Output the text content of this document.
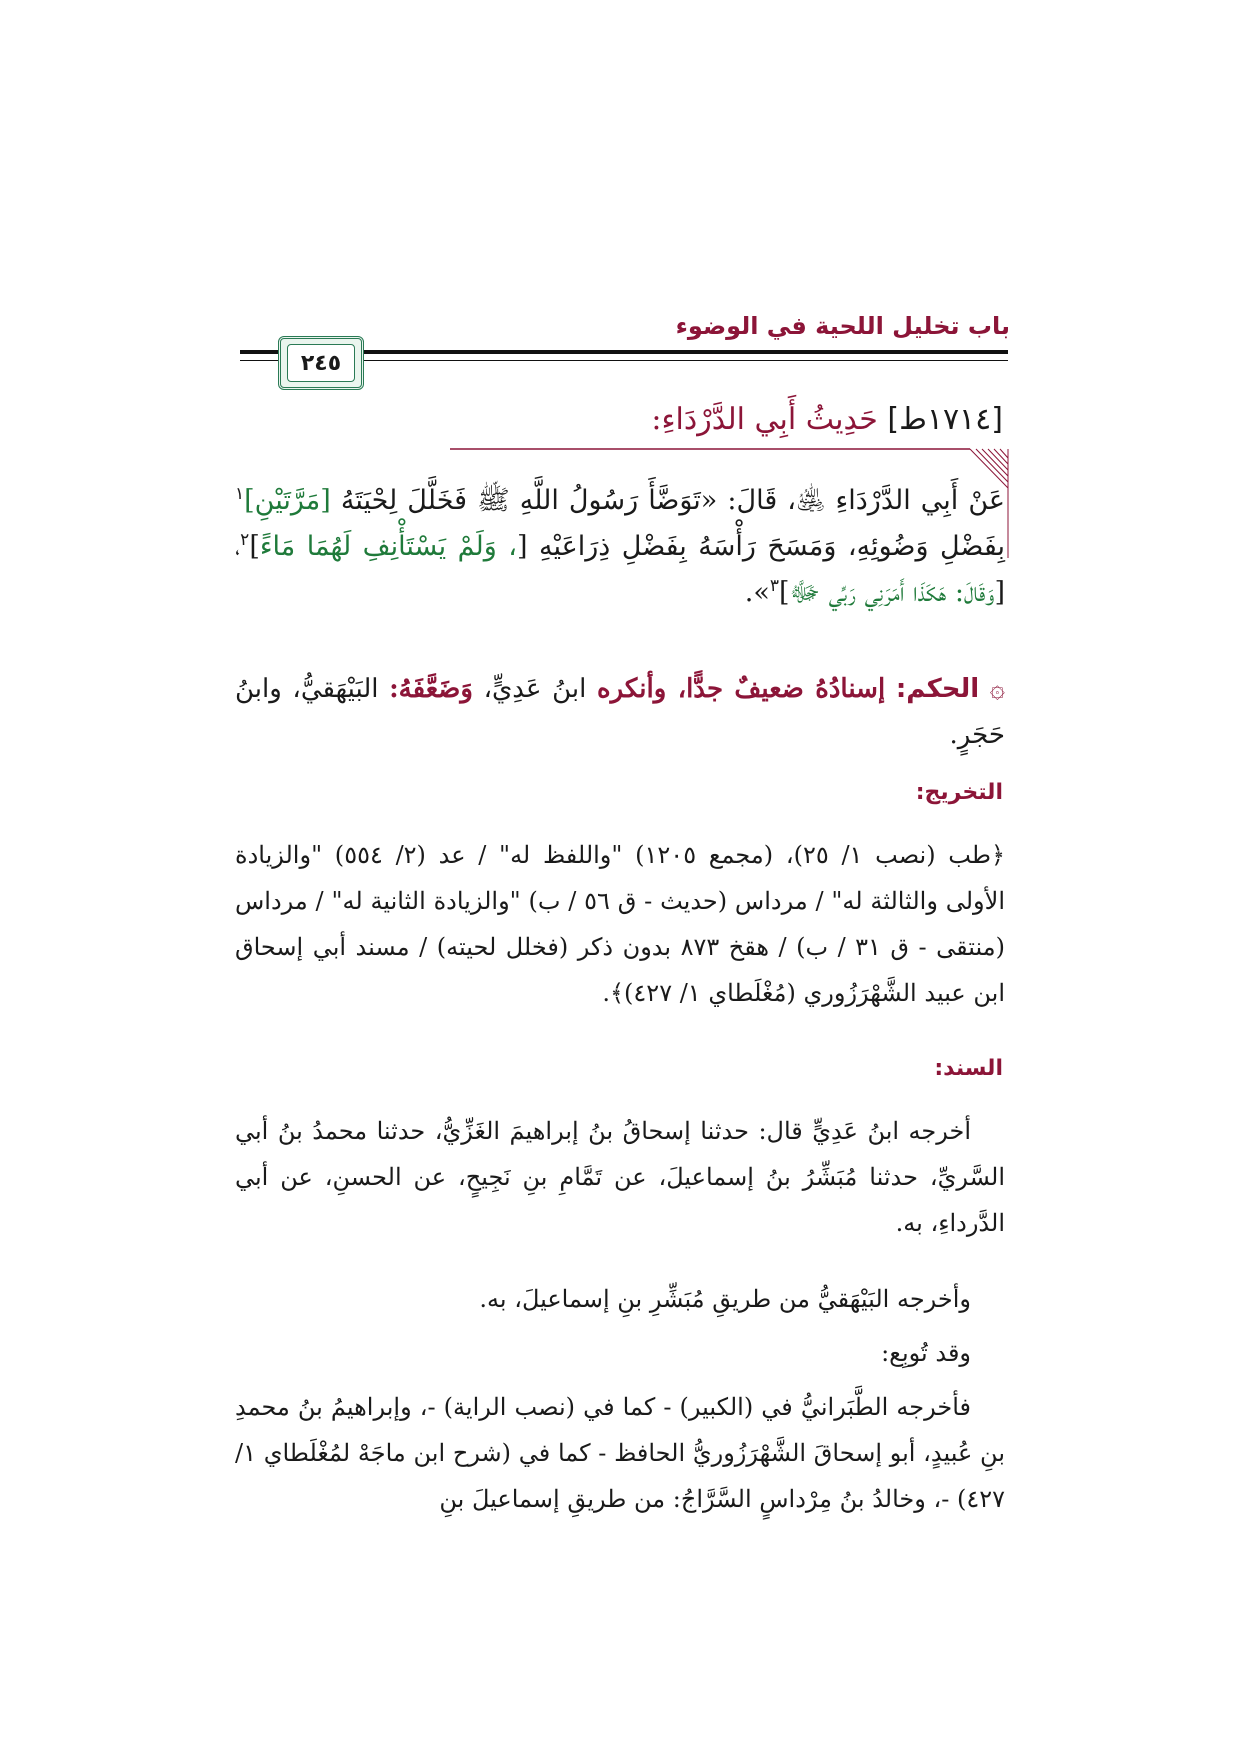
باب تخليل اللحية في الوضوء
٢٤٥
[١٧١٤ط] حَدِيثُ أَبِي الدَّرْدَاءِ:
عَنْ أَبِي الدَّرْدَاءِ ﵁، قَالَ: «تَوَضَّأَ رَسُولُ اللَّهِ ﷺ فَخَلَّلَ لِحْيَتَهُ [مَرَّتَيْنِ]$^١$ بِفَضْلِ وَضُوئِهِ، وَمَسَحَ رَأْسَهُ بِفَضْلِ ذِرَاعَيْهِ [، وَلَمْ يَسْتَأْنِفِ لَهُمَا مَاءً]$^٢$، [وَقَالَ: هَكَذَا أَمَرَنِي رَبِّي ﷻ]$^٣$».
۞ الحكم: إسنادُهُ ضعيفٌ جدًّا، وأنكره ابنُ عَدِيٍّ، وَضَعَّفَهُ: البَيْهَقيُّ، وابنُ حَجَرٍ.
التخريج:
﴿طب (نصب ١/ ٢٥)، (مجمع ١٢٠٥) "واللفظ له" / عد (٢/ ٥٥٤) "والزيادة الأولى والثالثة له" / مرداس (حديث - ق ٥٦ / ب) "والزيادة الثانية له" / مرداس (منتقى - ق ٣١ / ب) / هقخ ٨٧٣ بدون ذكر (فخلل لحيته) / مسند أبي إسحاق ابن عبيد الشَّهْرَزُوري (مُغْلَطاي ١/ ٤٢٧)﴾.
السند:
أخرجه ابنُ عَدِيٍّ قال: حدثنا إسحاقُ بنُ إبراهيمَ الغَزِّيُّ، حدثنا محمدُ بنُ أبي السَّريِّ، حدثنا مُبَشِّرُ بنُ إسماعيلَ، عن تَمَّامِ بنِ نَجِيحٍ، عن الحسنِ، عن أبي الدَّرداءِ، به.
وأخرجه البَيْهَقيُّ من طريقِ مُبَشِّرِ بنِ إسماعيلَ، به.
وقد تُوبِع:
فأخرجه الطَّبَرانيُّ في (الكبير) - كما في (نصب الراية) -، وإبراهيمُ بنُ محمدِ بنِ عُبيدٍ، أبو إسحاقَ الشَّهْرَزُوريُّ الحافظ - كما في (شرح ابن ماجَهْ لمُغْلَطاي ١/ ٤٢٧) -، وخالدُ بنُ مِرْداسٍ السَّرَّاجُ: من طريقِ إسماعيلَ بنِ
